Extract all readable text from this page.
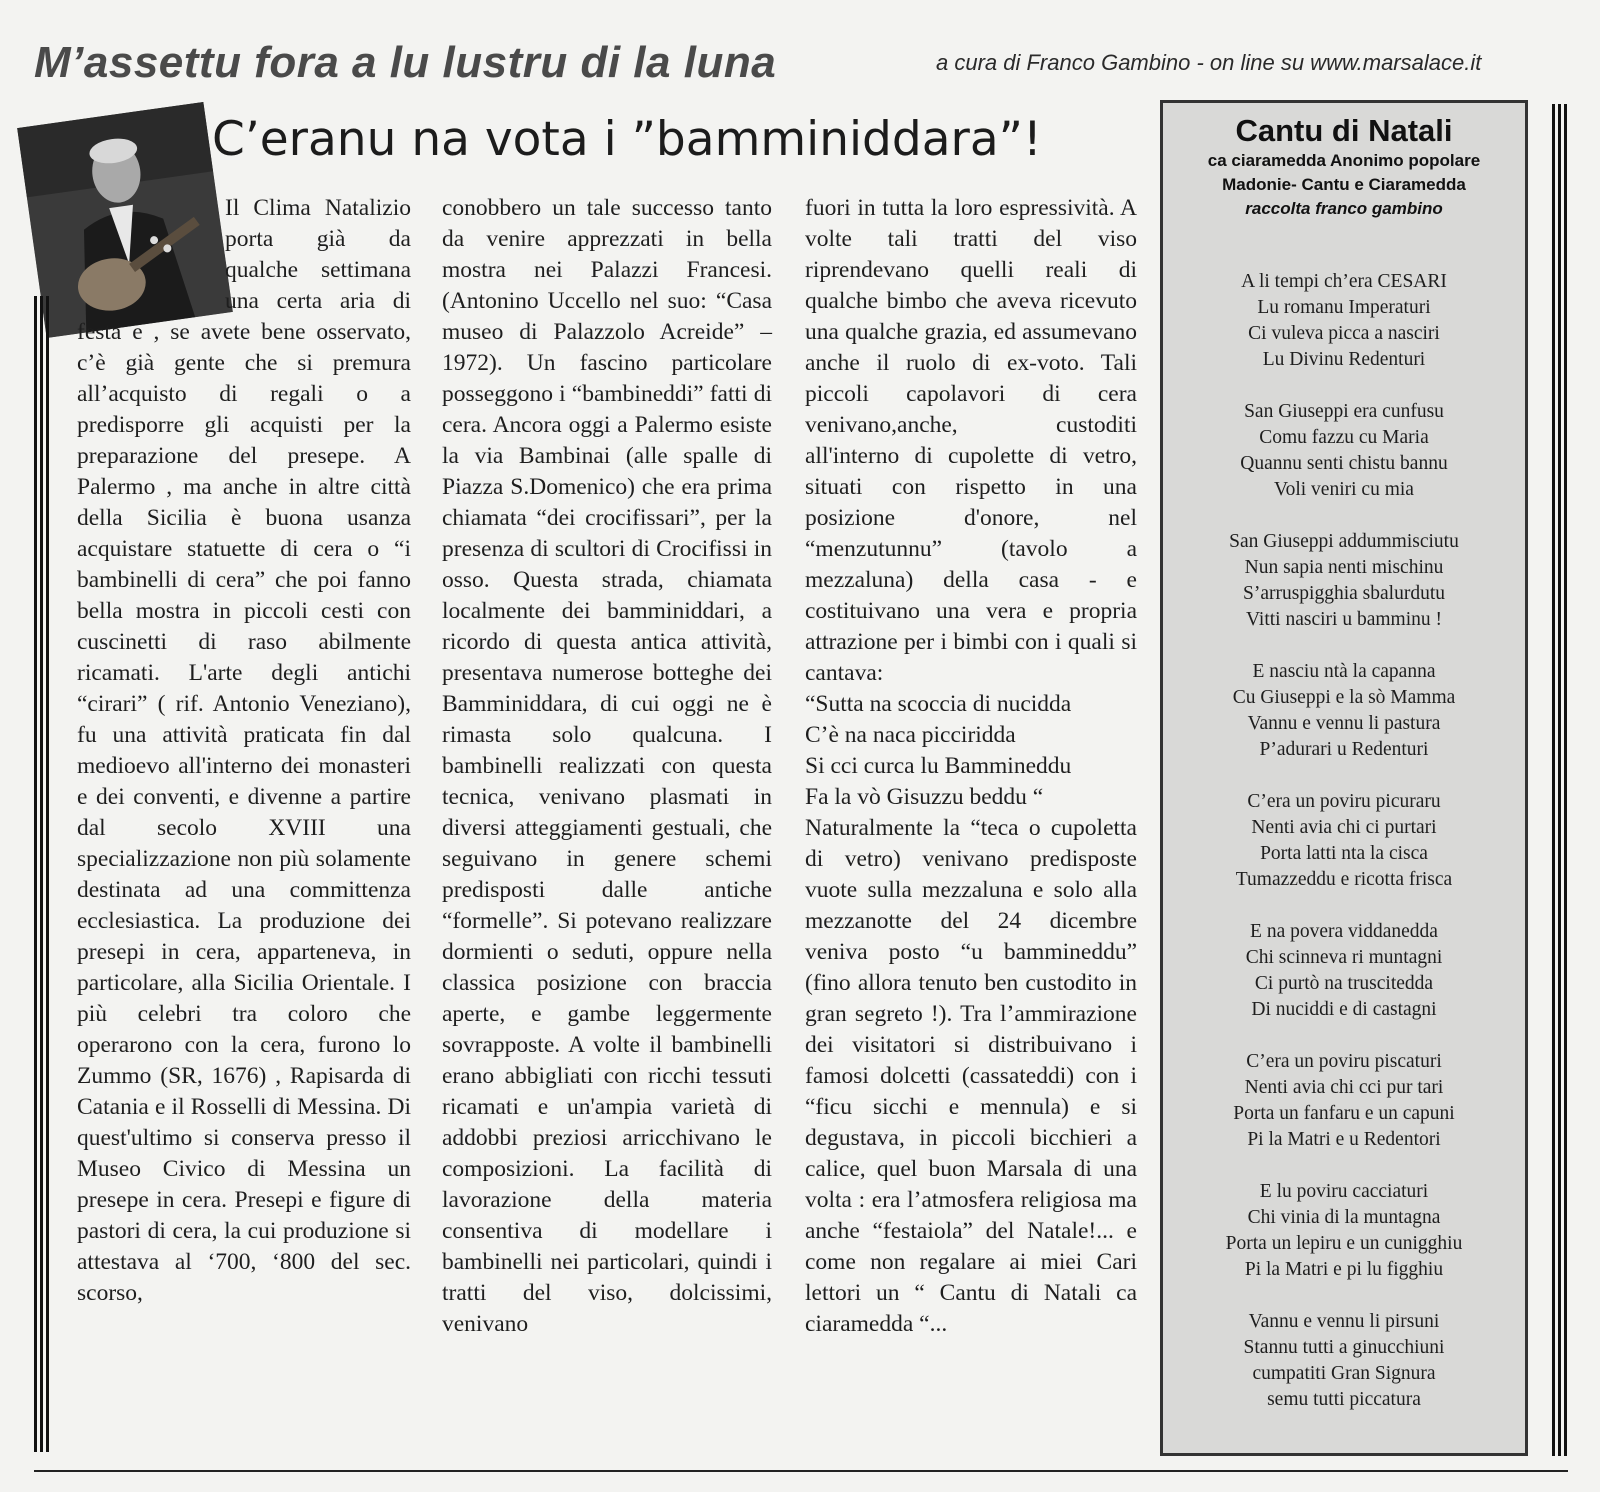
M’assettu fora a lu lustru di la luna	a cura di Franco Gambino - on line su www.marsalace.it
C’eranu na vota i ”bamminiddara”!

Il Clima Natalizio porta già da qualche settimana una certa aria di festa e , se avete bene osservato, c’è già gente che si premura all’acquisto di regali o a predisporre gli acquisti per la preparazione del presepe. A Palermo , ma anche in altre città della Sicilia è buona usanza acquistare statuette di cera o “i bambinelli di cera” che poi fanno bella mostra in piccoli cesti con cuscinetti di raso abilmente ricamati. L'arte degli antichi “cirari” ( rif. Antonio Veneziano), fu una attività praticata fin dal medioevo all'interno dei monasteri e dei conventi, e divenne a partire dal secolo XVIII una specializzazione non più solamente destinata ad una committenza ecclesiastica. La produzione dei presepi in cera, apparteneva, in particolare, alla Sicilia Orientale. I più celebri tra coloro che operarono con la cera, furono lo Zummo (SR, 1676) , Rapisarda di Catania e il Rosselli di Messina. Di quest'ultimo si conserva presso il Museo Civico di Messina un presepe in cera. Presepi e figure di pastori di cera, la cui produzione si attestava al ‘700, ‘800 del sec. scorso,

conobbero un tale successo tanto da venire apprezzati in bella mostra nei Palazzi Francesi. (Antonino Uccello nel suo: “Casa museo di Palazzolo Acreide” – 1972). Un fascino particolare posseggono i “bambineddi” fatti di cera. Ancora oggi a Palermo esiste la via Bambinai (alle spalle di Piazza S.Domenico) che era prima chiamata “dei crocifissari”, per la presenza di scultori di Crocifissi in osso. Questa strada, chiamata localmente dei bamminiddari, a ricordo di questa antica attività, presentava numerose botteghe dei Bamminiddara, di cui oggi ne è rimasta solo qualcuna. I bambinelli realizzati con questa tecnica, venivano plasmati in diversi atteggiamenti gestuali, che seguivano in genere schemi predisposti dalle antiche “formelle”. Si potevano realizzare dormienti o seduti, oppure nella classica posizione con braccia aperte, e gambe leggermente sovrapposte. A volte il bambinelli erano abbigliati con ricchi tessuti ricamati e un'ampia varietà di addobbi preziosi arricchivano le composizioni. La facilità di lavorazione della materia consentiva di modellare i bambinelli nei particolari, quindi i tratti del viso, dolcissimi, venivano

fuori in tutta la loro espressività. A volte tali tratti del viso riprendevano quelli reali di qualche bimbo che aveva ricevuto una qualche grazia, ed assumevano anche il ruolo di ex-voto. Tali piccoli capolavori di cera venivano,anche, custoditi all'interno di cupolette di vetro, situati con rispetto in una posizione d'onore, nel “menzutunnu” (tavolo a mezzaluna) della casa - e costituivano una vera e propria attrazione per i bimbi con i quali si cantava:

“Sutta na scoccia di nucidda

C’è na naca picciridda

Si cci curca lu Bammineddu

Fa la vò Gisuzzu beddu “

Naturalmente la “teca o cupoletta di vetro) venivano predisposte vuote sulla mezzaluna e solo alla mezzanotte del 24 dicembre veniva posto “u bammineddu” (fino allora tenuto ben custodito in gran segreto !). Tra l’ammirazione dei visitatori si distribuivano i famosi dolcetti (cassateddi) con i “ficu sicchi e mennula) e si degustava, in piccoli bicchieri a calice, quel buon Marsala di una volta : era l’atmosfera religiosa ma anche “festaiola” del Natale!... e come non regalare ai miei Cari lettori un “ Cantu di Natali ca ciaramedda “...

Cantu di Natali
ca ciaramedda Anonimo popolare
Madonie- Cantu e Ciaramedda
raccolta franco gambino
A li tempi ch’era CESARI
Lu romanu Imperaturi
Ci vuleva picca a nasciri
Lu Divinu Redenturi
San Giuseppi era cunfusu
Comu fazzu cu Maria
Quannu senti chistu bannu
Voli veniri cu mia
San Giuseppi addummisciutu
Nun sapia nenti mischinu
S’arruspigghia sbalurdutu
Vitti nasciri u bamminu !
E nasciu ntà la capanna
Cu Giuseppi e la sò Mamma
Vannu e vennu li pastura
P’adurari u Redenturi
C’era un poviru picuraru
Nenti avia chi ci purtari
Porta latti nta la cisca
Tumazzeddu e ricotta frisca
E na povera viddanedda
Chi scinneva ri muntagni
Ci purtò na truscitedda
Di nuciddi e di castagni
C’era un poviru piscaturi
Nenti avia chi cci pur tari
Porta un fanfaru e un capuni
Pi la Matri e u Redentori
E lu poviru cacciaturi
Chi vinia di la muntagna
Porta un lepiru e un cunigghiu
Pi la Matri e pi lu figghiu
Vannu e vennu li pirsuni
Stannu tutti a ginucchiuni
cumpatiti Gran Signura
semu tutti piccatura
